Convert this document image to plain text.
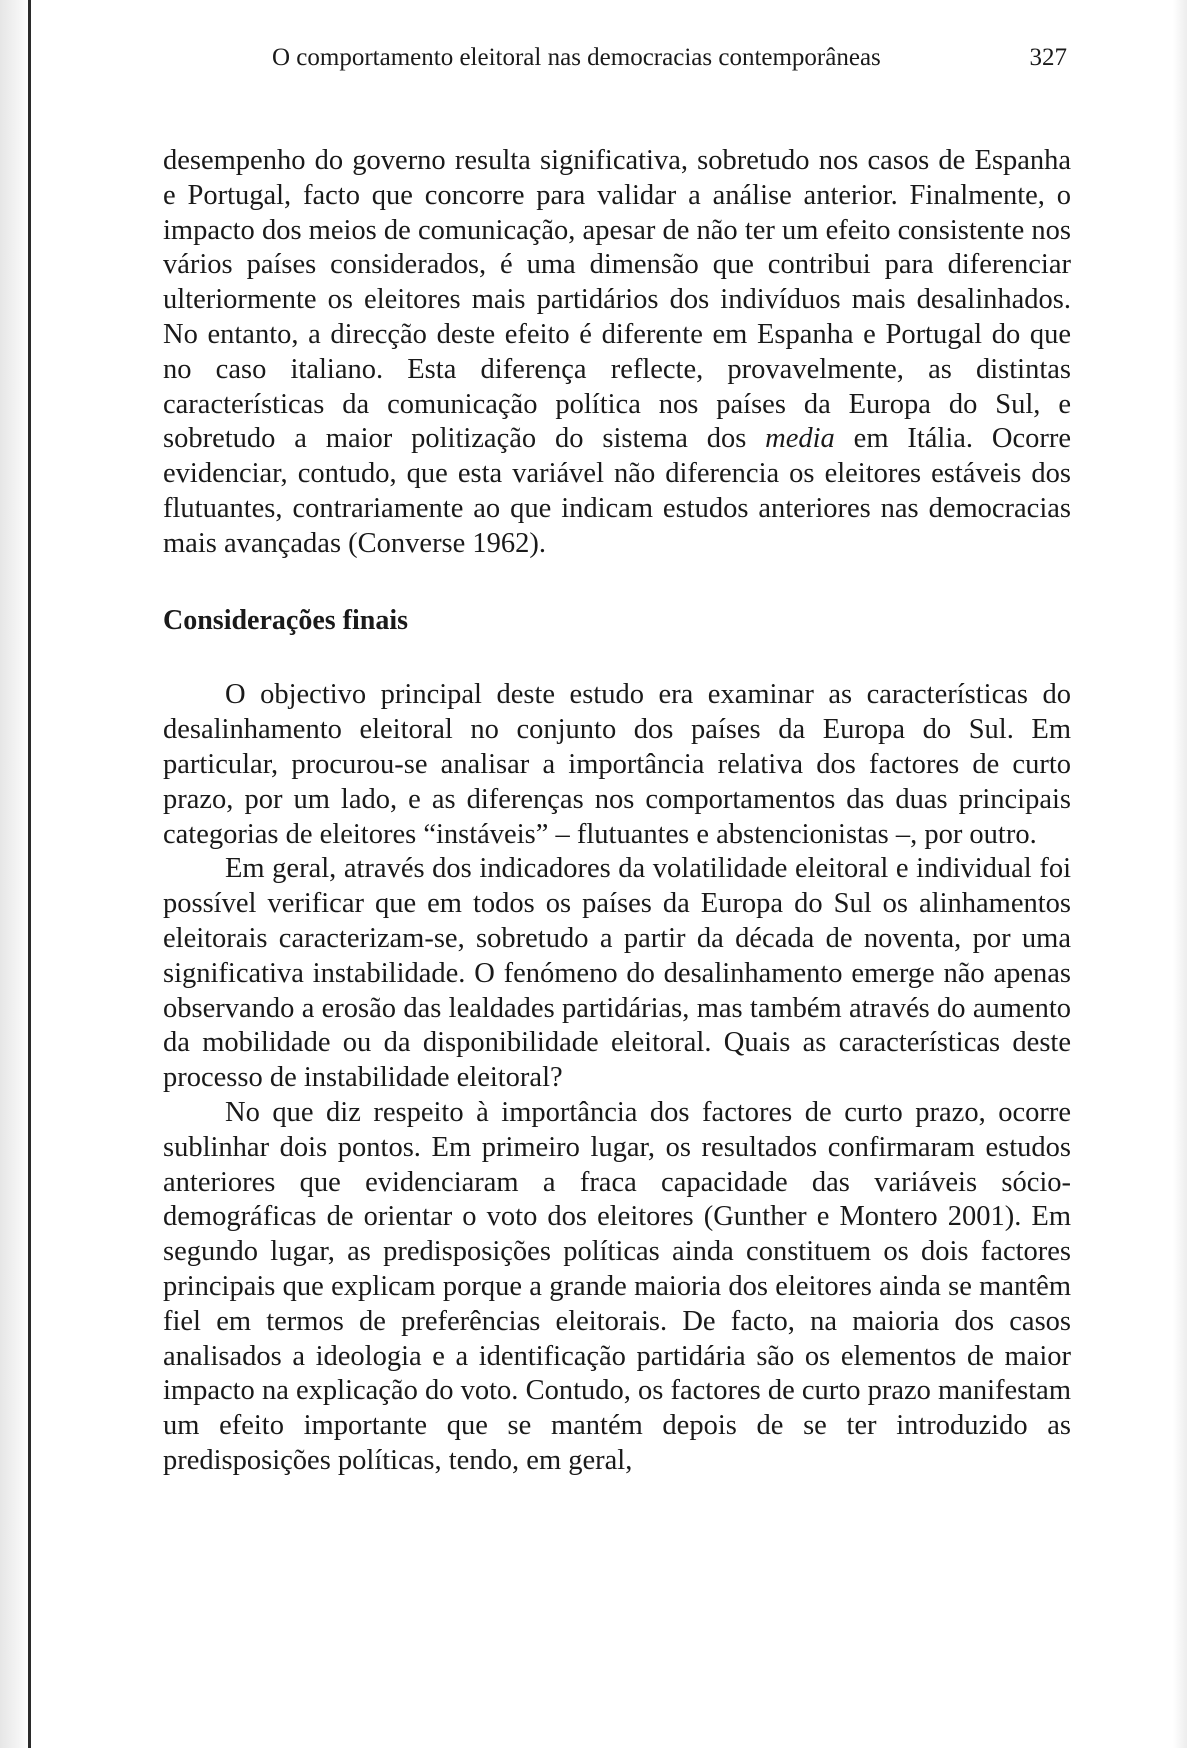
O comportamento eleitoral nas democracias contemporâneas	327

desempenho do governo resulta significativa, sobretudo nos casos de Espanha e Portugal, facto que concorre para validar a análise anterior. Finalmente, o impacto dos meios de comunicação, apesar de não ter um efeito consistente nos vários países considerados, é uma dimensão que contribui para diferenciar ulteriormente os eleitores mais partidários dos indivíduos mais desalinhados. No entanto, a direcção deste efeito é diferente em Espanha e Portugal do que no caso italiano. Esta diferença reflecte, provavelmente, as distintas características da comunicação política nos países da Europa do Sul, e sobretudo a maior politização do sistema dos media em Itália. Ocorre evidenciar, contudo, que esta variável não diferencia os eleitores estáveis dos flutuantes, contrariamente ao que indicam estudos anteriores nas democracias mais avançadas (Converse 1962).

Considerações finais

O objectivo principal deste estudo era examinar as características do desalinhamento eleitoral no conjunto dos países da Europa do Sul. Em particular, procurou-se analisar a importância relativa dos factores de curto prazo, por um lado, e as diferenças nos comportamentos das duas principais categorias de eleitores “instáveis” – flutuantes e abstencionistas –, por outro.

Em geral, através dos indicadores da volatilidade eleitoral e individual foi possível verificar que em todos os países da Europa do Sul os alinhamentos eleitorais caracterizam-se, sobretudo a partir da década de noventa, por uma significativa instabilidade. O fenómeno do desalinhamento emerge não apenas observando a erosão das lealdades partidárias, mas também através do aumento da mobilidade ou da disponibilidade eleitoral. Quais as características deste processo de instabilidade eleitoral?

No que diz respeito à importância dos factores de curto prazo, ocorre sublinhar dois pontos. Em primeiro lugar, os resultados confirmaram estudos anteriores que evidenciaram a fraca capacidade das variáveis sócio-demográficas de orientar o voto dos eleitores (Gunther e Montero 2001). Em segundo lugar, as predisposições políticas ainda constituem os dois factores principais que explicam porque a grande maioria dos eleitores ainda se mantêm fiel em termos de preferências eleitorais. De facto, na maioria dos casos analisados a ideologia e a identificação partidária são os elementos de maior impacto na explicação do voto. Contudo, os factores de curto prazo manifestam um efeito importante que se mantém depois de se ter introduzido as predisposições políticas, tendo, em geral,
